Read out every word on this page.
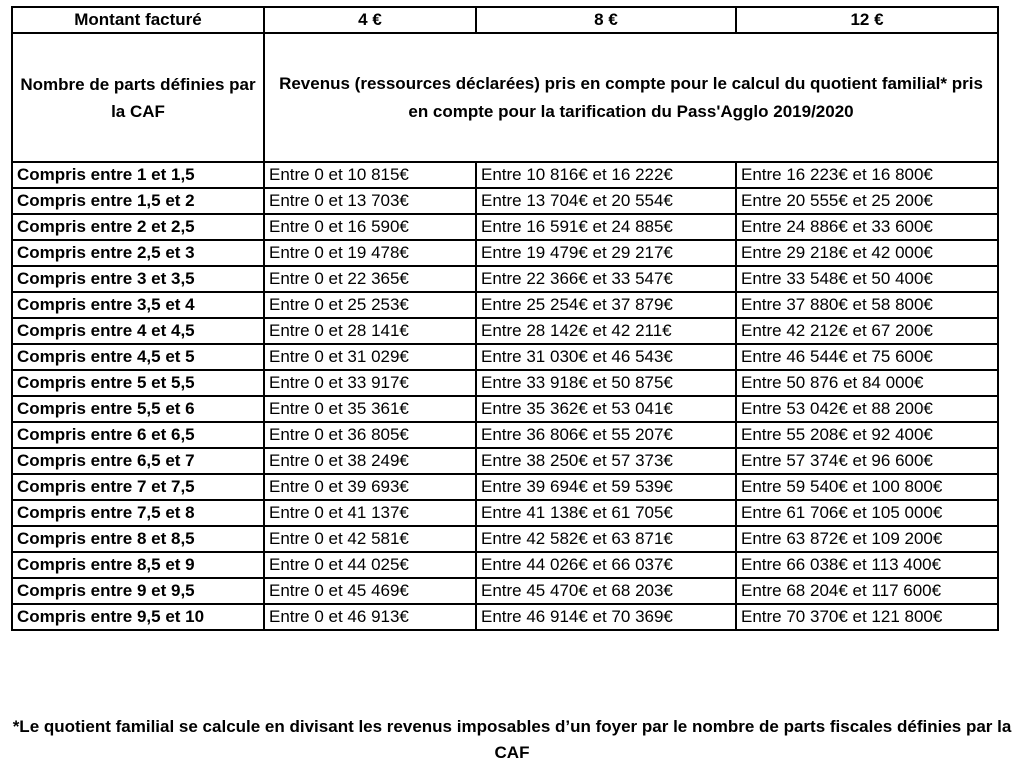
Montant facturé	4 €	8 €	12 €
Nombre de parts définies par la CAF	Revenus (ressources déclarées) pris en compte pour le calcul du quotient familial* pris en compte pour la tarification du Pass'Agglo 2019/2020		
Compris entre 1 et 1,5	Entre 0 et 10 815€	Entre 10 816€ et 16 222€	Entre 16 223€ et 16 800€
Compris entre 1,5 et 2	Entre 0 et 13 703€	Entre 13 704€ et 20 554€	Entre 20 555€ et 25 200€
Compris entre 2 et 2,5	Entre 0 et 16 590€	Entre 16 591€ et 24 885€	Entre 24 886€ et 33 600€
Compris entre 2,5 et 3	Entre 0 et 19 478€	Entre 19 479€ et 29 217€	Entre 29 218€ et 42 000€
Compris entre 3 et 3,5	Entre 0 et 22 365€	Entre 22 366€ et 33 547€	Entre 33 548€ et 50 400€
Compris entre 3,5 et 4	Entre 0 et 25 253€	Entre 25 254€ et 37 879€	Entre 37 880€ et 58 800€
Compris entre 4 et 4,5	Entre 0 et 28 141€	Entre 28 142€ et 42 211€	Entre 42 212€ et 67 200€
Compris entre 4,5 et 5	Entre 0 et 31 029€	Entre 31 030€ et 46 543€	Entre 46 544€ et 75 600€
Compris entre 5 et 5,5	Entre 0 et 33 917€	Entre 33 918€ et 50 875€	Entre 50 876 et 84 000€
Compris entre 5,5 et 6	Entre 0 et 35 361€	Entre 35 362€ et 53 041€	Entre 53 042€ et 88 200€
Compris entre 6 et 6,5	Entre 0 et 36 805€	Entre 36 806€ et 55 207€	Entre 55 208€ et 92 400€
Compris entre 6,5 et 7	Entre 0 et 38 249€	Entre 38 250€ et 57 373€	Entre 57 374€ et 96 600€
Compris entre 7 et 7,5	Entre 0 et 39 693€	Entre 39 694€ et 59 539€	Entre 59 540€ et 100 800€
Compris entre 7,5 et 8	Entre 0 et 41 137€	Entre 41 138€ et 61 705€	Entre 61 706€ et 105 000€
Compris entre 8 et 8,5	Entre 0 et 42 581€	Entre 42 582€ et 63 871€	Entre 63 872€ et 109 200€
Compris entre 8,5 et 9	Entre 0 et 44 025€	Entre 44 026€ et 66 037€	Entre 66 038€ et 113 400€
Compris entre 9 et 9,5	Entre 0 et 45 469€	Entre 45 470€ et 68 203€	Entre 68 204€ et 117 600€
Compris entre 9,5 et 10	Entre 0 et 46 913€	Entre 46 914€ et 70 369€	Entre 70 370€ et 121 800€
*Le quotient familial se calcule en divisant les revenus imposables d’un foyer par le nombre de parts fiscales définies par la CAF
